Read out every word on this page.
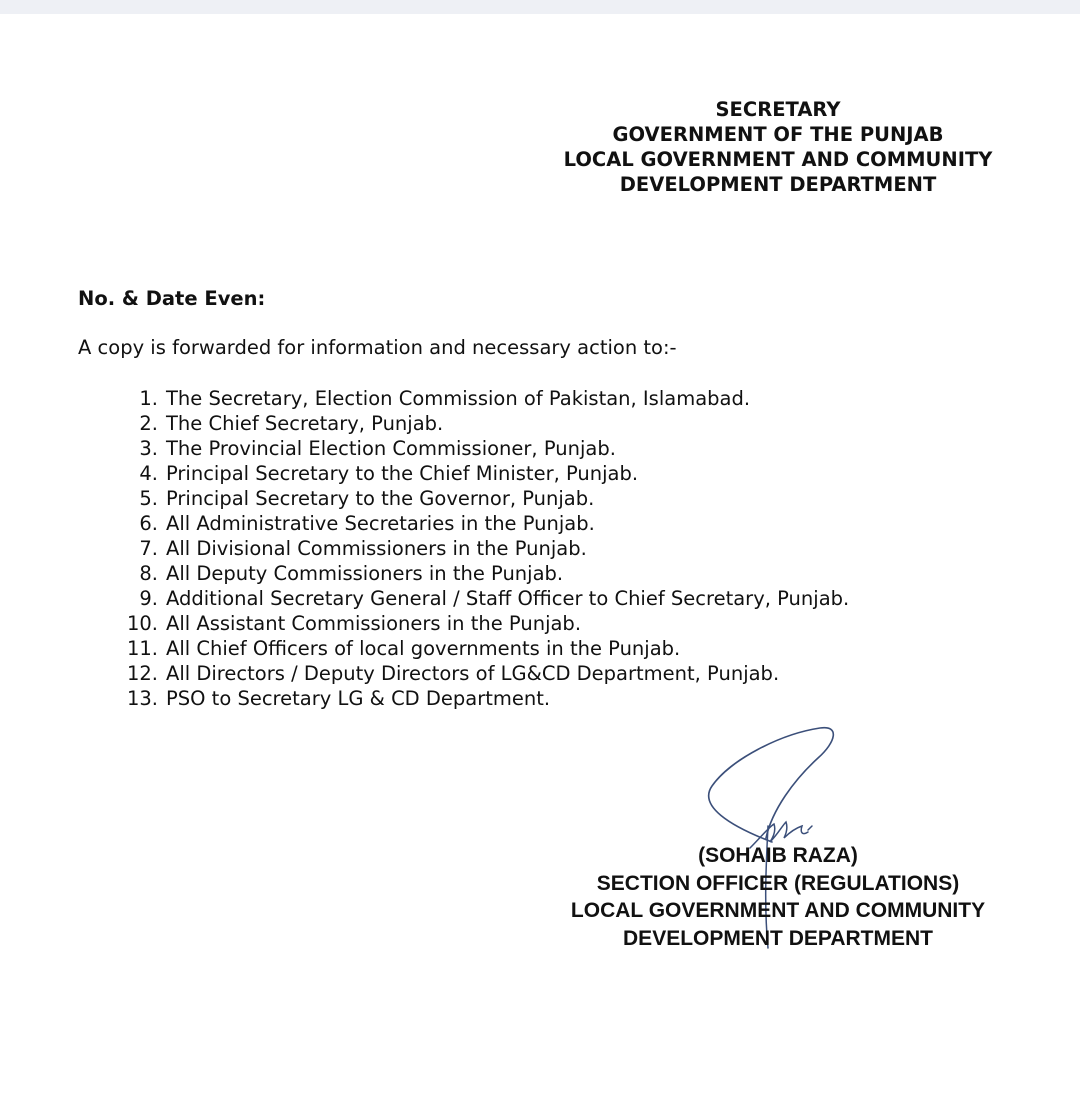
SECRETARY
GOVERNMENT OF THE PUNJAB
LOCAL GOVERNMENT AND COMMUNITY
DEVELOPMENT DEPARTMENT
No. & Date Even:
A copy is forwarded for information and necessary action to:-
1. The Secretary, Election Commission of Pakistan, Islamabad.
2. The Chief Secretary, Punjab.
3. The Provincial Election Commissioner, Punjab.
4. Principal Secretary to the Chief Minister, Punjab.
5. Principal Secretary to the Governor, Punjab.
6. All Administrative Secretaries in the Punjab.
7. All Divisional Commissioners in the Punjab.
8. All Deputy Commissioners in the Punjab.
9. Additional Secretary General / Staff Officer to Chief Secretary, Punjab.
10. All Assistant Commissioners in the Punjab.
11. All Chief Officers of local governments in the Punjab.
12. All Directors / Deputy Directors of LG&CD Department, Punjab.
13. PSO to Secretary LG & CD Department.
(SOHAIB RAZA)
SECTION OFFICER (REGULATIONS)
LOCAL GOVERNMENT AND COMMUNITY
DEVELOPMENT DEPARTMENT
